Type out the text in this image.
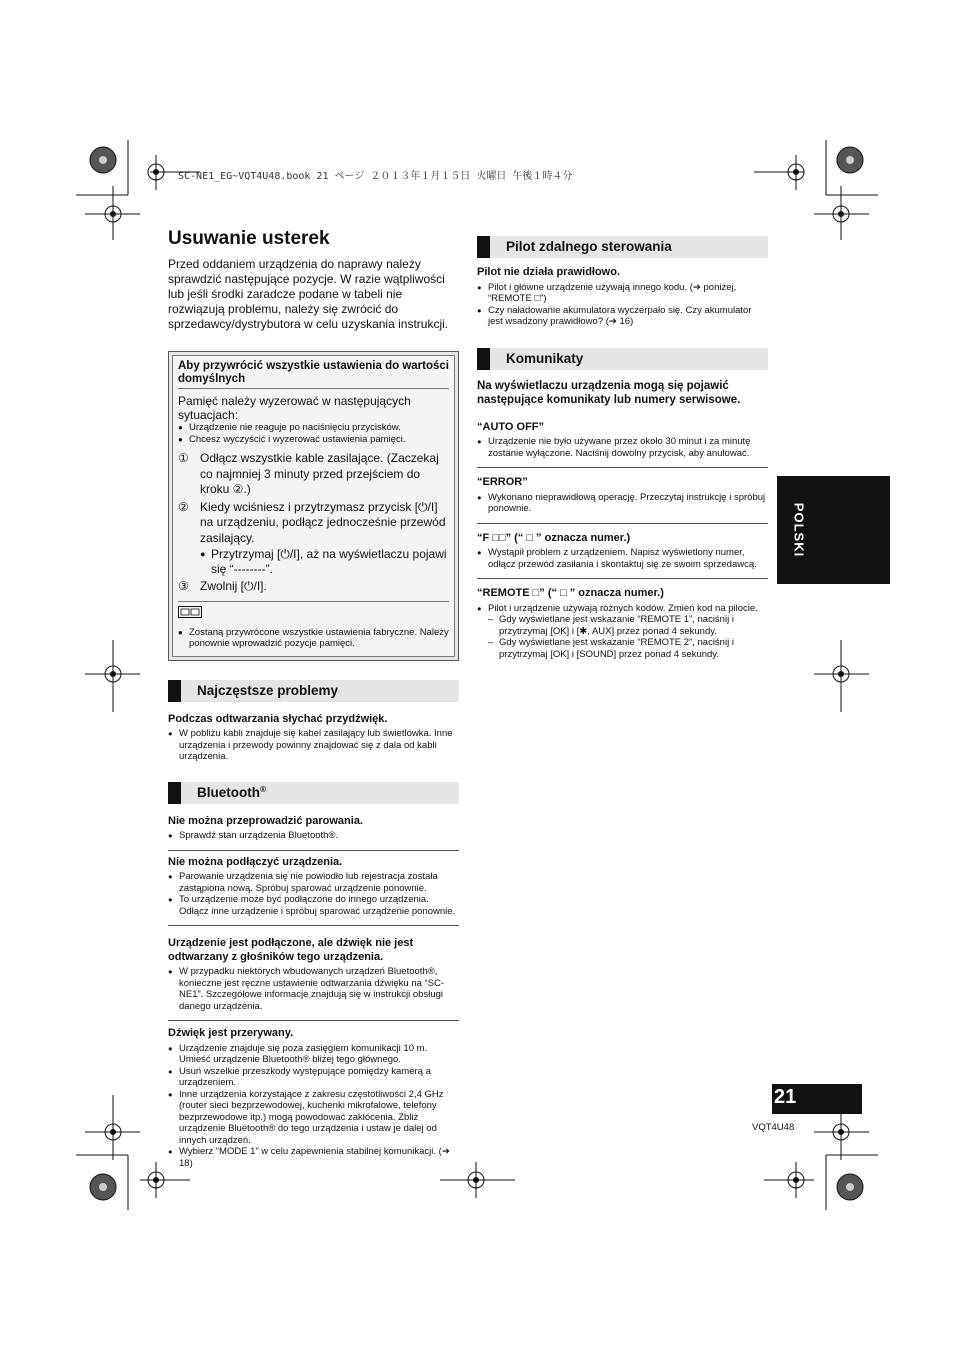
SC-NE1_EG~VQT4U48.book 21 ページ ２０１３年１月１５日 火曜日 午後１時４分
Usuwanie usterek

Przed oddaniem urządzenia do naprawy należy sprawdzić następujące pozycje. W razie wątpliwości lub jeśli środki zaradcze podane w tabeli nie rozwiązują problemu, należy się zwrócić do sprzedawcy/dystrybutora w celu uzyskania instrukcji.

Aby przywrócić wszystkie ustawienia do wartości domyślnych

Pamięć należy wyzerować w następujących sytuacjach:

● Urządzenie nie reaguje po naciśnięciu przycisków.

● Chcesz wyczyścić i wyzerować ustawienia pamięci.

① Odłącz wszystkie kable zasilające. (Zaczekaj co najmniej 3 minuty przed przejściem do kroku ②.)
② Kiedy wciśniesz i przytrzymasz przycisk [⏻/I] na urządzeniu, podłącz jednocześnie przewód zasilający.
● Przytrzymaj [⏻/I], aż na wyświetlaczu pojawi się “--------”.
③ Zwolnij [⏻/I].

● Zostaną przywrócone wszystkie ustawienia fabryczne. Należy ponownie wprowadzić pozycje pamięci.

Najczęstsze problemy

Podczas odtwarzania słychać przydźwięk.

● W pobliżu kabli znajduje się kabel zasilający lub świetlówka. Inne urządzenia i przewody powinny znajdować się z dala od kabli urządzenia.

Bluetooth®

Nie można przeprowadzić parowania.

● Sprawdź stan urządzenia Bluetooth®.

Nie można podłączyć urządzenia.

● Parowanie urządzenia się nie powiodło lub rejestracja została zastąpiona nową. Spróbuj sparować urządzenie ponownie.

● To urządzenie może być podłączone do innego urządzenia. Odłącz inne urządzenie i spróbuj sparować urządzenie ponownie.

Urządzenie jest podłączone, ale dźwięk nie jest odtwarzany z głośników tego urządzenia.

● W przypadku niektórych wbudowanych urządzeń Bluetooth®, konieczne jest ręczne ustawienie odtwarzania dźwięku na “SC-NE1”. Szczegółowe informacje znajdują się w instrukcji obsługi danego urządzenia.

Dźwięk jest przerywany.

● Urządzenie znajduje się poza zasięgiem komunikacji 10 m. Umieść urządzenie Bluetooth® bliżej tego głównego.

● Usuń wszelkie przeszkody występujące pomiędzy kamerą a urządzeniem.

● Inne urządzenia korzystające z zakresu częstotliwości 2,4 GHz (router sieci bezprzewodowej, kuchenki mikrofalowe, telefony bezprzewodowe itp.) mogą powodować zakłócenia. Zbliż urządzenie Bluetooth® do tego urządzenia i ustaw je dalej od innych urządzeń.

● Wybierz “MODE 1” w celu zapewnienia stabilnej komunikacji. (➔ 18)

Pilot zdalnego sterowania

Pilot nie działa prawidłowo.

● Pilot i główne urządzenie używają innego kodu. (➔ poniżej, “REMOTE □”)

● Czy naładowanie akumulatora wyczerpało się. Czy akumulator jest wsadzony prawidłowo? (➔ 16)

Komunikaty

Na wyświetlaczu urządzenia mogą się pojawić następujące komunikaty lub numery serwisowe.

“AUTO OFF”

● Urządzenie nie było używane przez około 30 minut i za minutę zostanie wyłączone. Naciśnij dowolny przycisk, aby anulować.

“ERROR”

● Wykonano nieprawidłową operację. Przeczytaj instrukcję i spróbuj ponownie.

“F □□” (“ □ ” oznacza numer.)

● Wystąpił problem z urządzeniem. Napisz wyświetlony numer, odłącz przewód zasilania i skontaktuj się ze swoim sprzedawcą.

“REMOTE □” (“ □ ” oznacza numer.)

● Pilot i urządzenie używają różnych kodów. Zmień kod na pilocie.

– Gdy wyświetlane jest wskazanie “REMOTE 1”, naciśnij i przytrzymaj [OK] i [✱, AUX] przez ponad 4 sekundy.

– Gdy wyświetlane jest wskazanie “REMOTE 2”, naciśnij i przytrzymaj [OK] i [SOUND] przez ponad 4 sekundy.

POLSKI
21
VQT4U48
